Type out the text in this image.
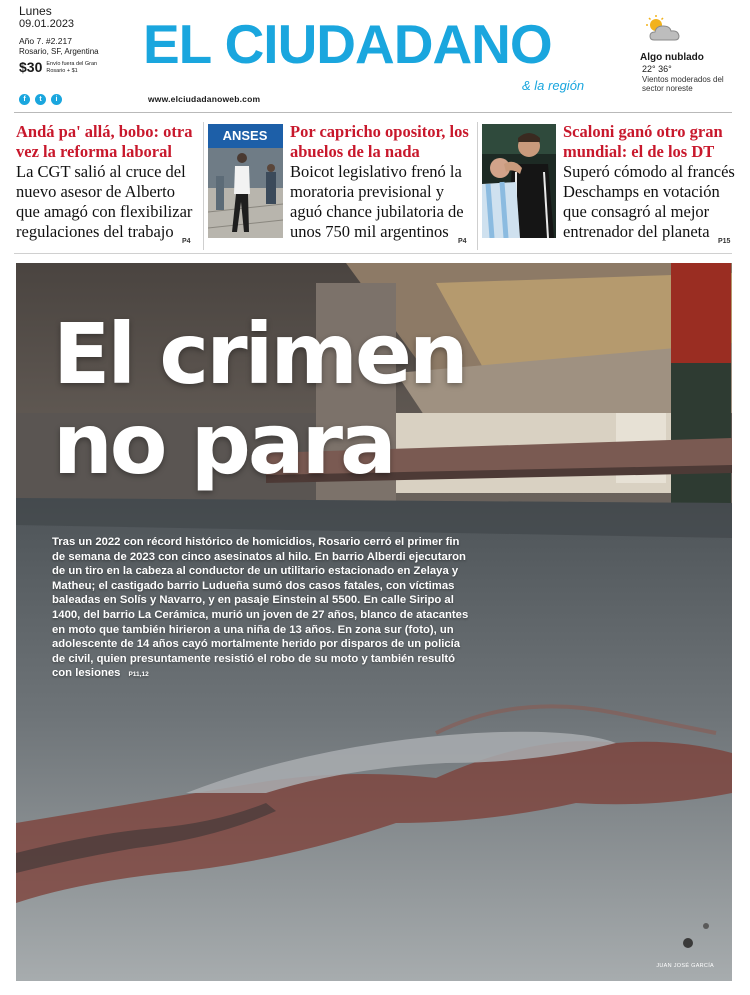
Lunes
09.01.2023
Año 7. #2.217
Rosario, SF, Argentina
$30 Envío fuera del Gran Rosario + $1	EL CIUDADANO
& la región
f	t	i	www.elciudadanoweb.com
Algo nublado
22° 36°
Vientos moderados del sector noreste
Andá pa' allá, bobo: otra vez la reforma laboral
La CGT salió al cruce del nuevo asesor de Alberto que amagó con flexibilizar regulaciones del trabajo
P4
ANSES Por capricho opositor, los abuelos de la nada
Boicot legislativo frenó la moratoria previsional y aguó chance jubilatoria de unos 750 mil argentinos
P4
Scaloni ganó otro gran mundial: el de los DT
Superó cómodo al francés Deschamps en votación que consagró al mejor entrenador del planeta
P15
El crimen
no para
Tras un 2022 con récord histórico de homicidios, Rosario cerró el primer fin de semana de 2023 con cinco asesinatos al hilo. En barrio Alberdi ejecutaron de un tiro en la cabeza al conductor de un utilitario estacionado en Zelaya y Matheu; el castigado barrio Ludueña sumó dos casos fatales, con víctimas baleadas en Solís y Navarro, y en pasaje Einstein al 5500. En calle Siripo al 1400, del barrio La Cerámica, murió un joven de 27 años, blanco de atacantes en moto que también hirieron a una niña de 13 años. En zona sur (foto), un adolescente de 14 años cayó mortalmente herido por disparos de un policía de civil, quien presuntamente resistió el robo de su moto y también resultó con lesiones P11,12
JUAN JOSÉ GARCÍA
